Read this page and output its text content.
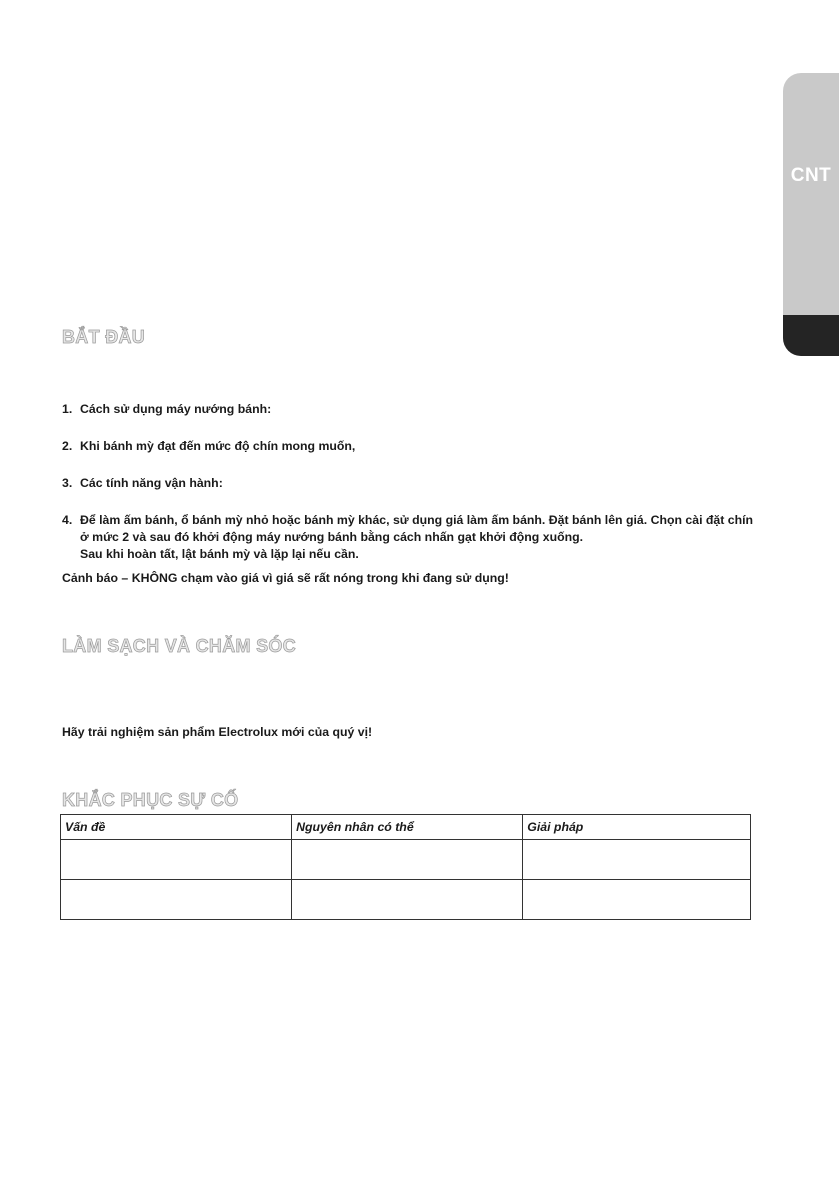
CNT
BẮT ĐẦU
1. Cách sử dụng máy nướng bánh:
2. Khi bánh mỳ đạt đến mức độ chín mong muốn,
3. Các tính năng vận hành:
4. Để làm ấm bánh, ổ bánh mỳ nhỏ hoặc bánh mỳ khác, sử dụng giá làm ấm bánh. Đặt bánh lên giá. Chọn cài đặt chín ở mức 2 và sau đó khởi động máy nướng bánh bằng cách nhấn gạt khởi động xuống.
Sau khi hoàn tất, lật bánh mỳ và lặp lại nếu cần.

Cảnh báo – KHÔNG chạm vào giá vì giá sẽ rất nóng trong khi đang sử dụng!

LÀM SẠCH VÀ CHĂM SÓC

Hãy trải nghiệm sản phẩm Electrolux mới của quý vị!

KHẮC PHỤC SỰ CỐ
Vấn đề	Nguyên nhân có thể	Giải pháp
